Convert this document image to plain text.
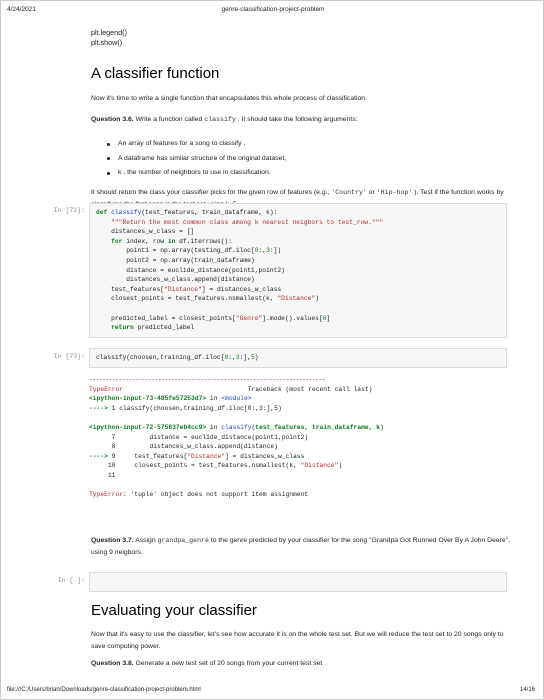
4/24/2021	genre-classification-project-problem
plt.legend()
plt.show()
A classifier function
Now it's time to write a single function that encapsulates this whole process of classification.
Question 3.6. Write a function called classify . It should take the following arguments:
An array of features for a song to classify ,
A dataframe has similar structure of the original dataset,
k , the number of neighbors to use in classification.
It should return the class your classifier picks for the given row of features (e.g., 'Country' or 'Hip-hop' ). Test if the function works by
In [72]:	def classify(test_features, train_dataframe, k):
"""Return the most common class among k nearest neigbors to test_row."""
distances_w_class = []
for index, row in df.iterrows():
point1 = np.array(testing_df.iloc[0:,3:])
point2 = np.array(train_dataframe)
distance = euclide_distance(point1,point2)
distances_w_class.append(distance)
test_features["Distance"] = distances_w_class
closest_points = test_features.nsmallest(k, "Distance")

predicted_label = closest_points["Genre"].mode().values[0]
return predicted_label
In [73]:	classify(choosen,training_df.iloc[0:,3:],5)
------------------------------------------------------------------------
TypeError	Traceback (most recent call last)
<ipython-input-73-485fe57253d7> in <module>
----> 1 classify(choosen,training_df.iloc[0:,3:],5)

<ipython-input-72-575837eb4cc9> in classify(test_features, train_dataframe, k)
7         distance = euclide_distance(point1,point2)
8         distances_w_class.append(distance)
----> 9     test_features["Distance"] = distances_w_class
10     closest_points = test_features.nsmallest(k, "Distance")
11

TypeError: 'tuple' object does not support item assignment
Question 3.7. Assign grandpa_genre to the genre predicted by your classifier for the song "Grandpa Got Runned Over By A John Deere", using 9 neigbors.
In [ ]:
Evaluating your classifier
Now that it's easy to use the classifier, let's see how accurate it is on the whole test set. But we will reduce the test set to 20 songs only to save computing power.
Question 3.8. Generate a new test set of 20 songs from your current test set
file:///C:/Users/brian/Downloads/genre-classification-project-problem.html	14/16
